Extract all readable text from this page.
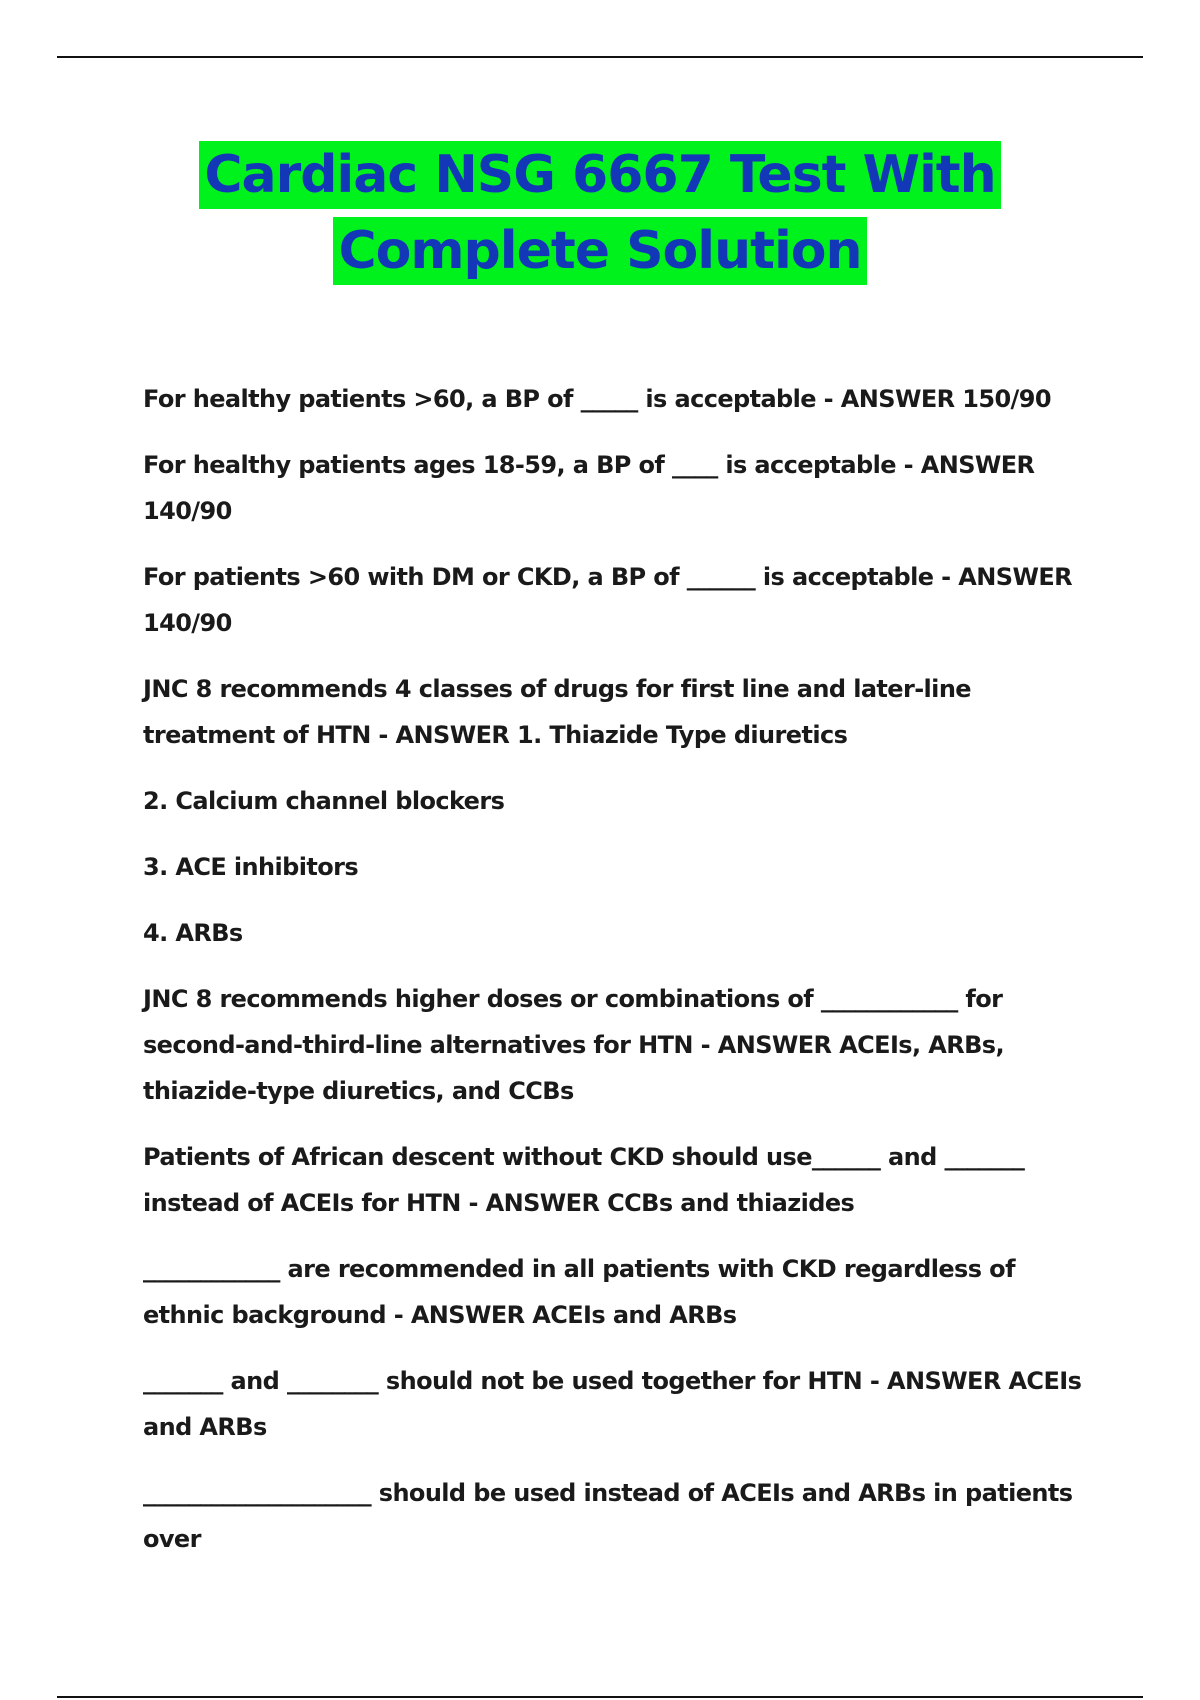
Cardiac NSG 6667 Test With
Complete Solution

For healthy patients >60, a BP of _____ is acceptable - ANSWER 150/90

For healthy patients ages 18-59, a BP of ____ is acceptable - ANSWER 140/90

For patients >60 with DM or CKD, a BP of ______ is acceptable - ANSWER 140/90

JNC 8 recommends 4 classes of drugs for first line and later-line treatment of HTN - ANSWER 1. Thiazide Type diuretics

2. Calcium channel blockers

3. ACE inhibitors

4. ARBs

JNC 8 recommends higher doses or combinations of ____________ for second-and-third-line alternatives for HTN - ANSWER ACEIs, ARBs, thiazide-type diuretics, and CCBs

Patients of African descent without CKD should use______ and _______ instead of ACEIs for HTN - ANSWER CCBs and thiazides

____________ are recommended in all patients with CKD regardless of ethnic background - ANSWER ACEIs and ARBs

_______ and ________ should not be used together for HTN - ANSWER ACEIs and ARBs

____________________ should be used instead of ACEIs and ARBs in patients over
